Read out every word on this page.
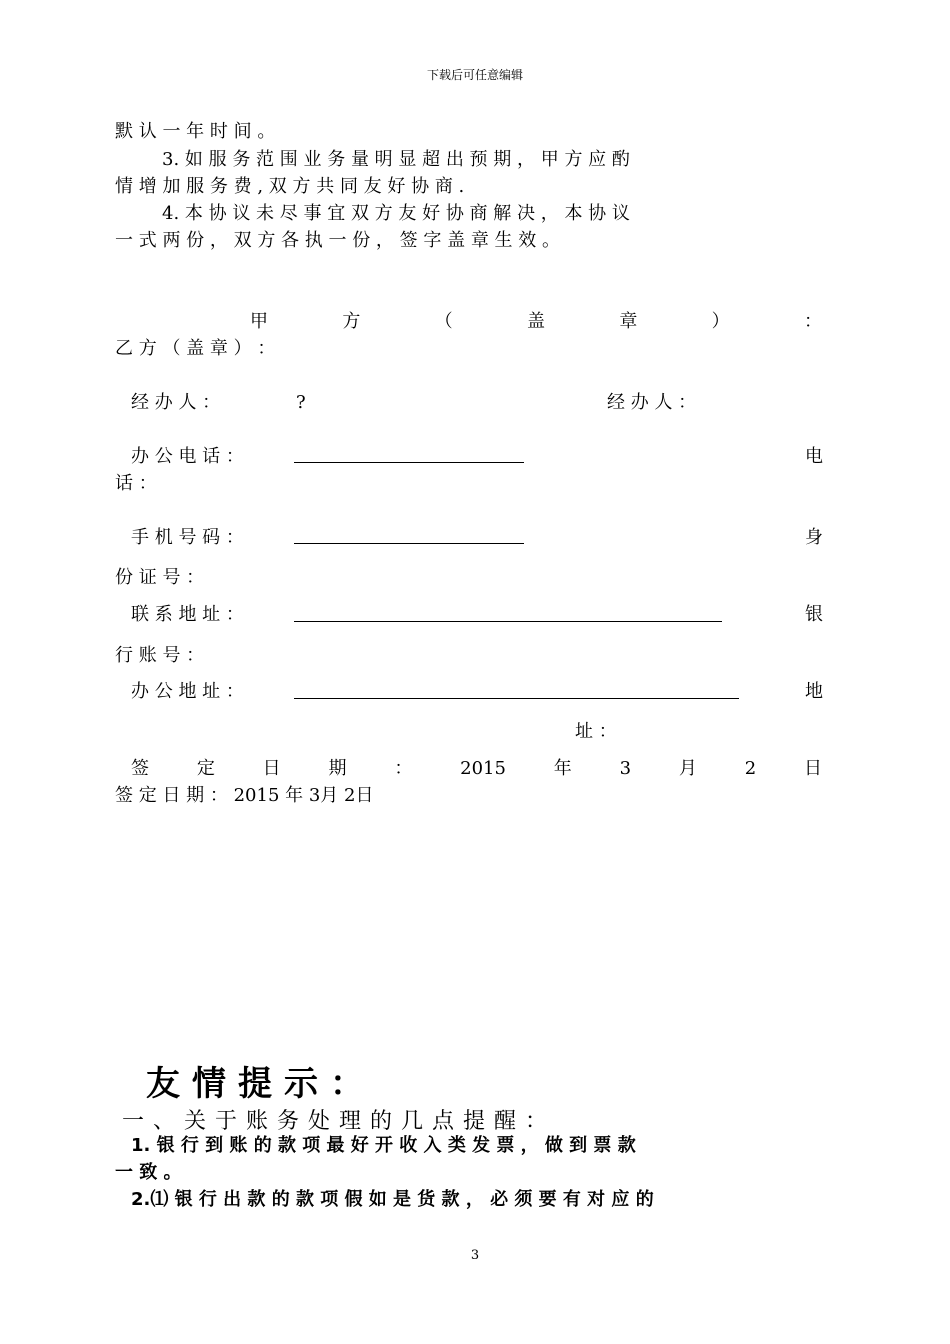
下载后可任意编辑
默 认 一 年 时 间 。
3. 如 服 务 范 围 业 务 量 明 显 超 出 预 期 ， 甲 方 应 酌
情 增 加 服 务 费 , 双 方 共 同 友 好 协 商 .
4. 本 协 议 未 尽 事 宜 双 方 友 好 协 商 解 决 ， 本 协 议
一 式 两 份 ， 双 方 各 执 一 份 ， 签 字 盖 章 生 效 。
甲	方	（	盖	章	）	：
乙 方 （ 盖 章 ） ：
经 办 人 ：	?	经 办 人 ：
办 公 电 话 ：	电
话 ：
手 机 号 码 ：	身
份 证 号 ：
联 系 地 址 ：	银
行 账 号 ：
办 公 地 址 ：	地
址 ：
签	定	日	期	：	2015	年	3	月	2	日
签 定 日 期 ： 2015 年 3月 2日
友情提示：
一、关于账务处理的几点提醒：
1. 银 行 到 账 的 款 项 最 好 开 收 入 类 发 票 ， 做 到 票 款
一 致 。
2.⑴ 银 行 出 款 的 款 项 假 如 是 货 款 ， 必 须 要 有 对 应 的
3
